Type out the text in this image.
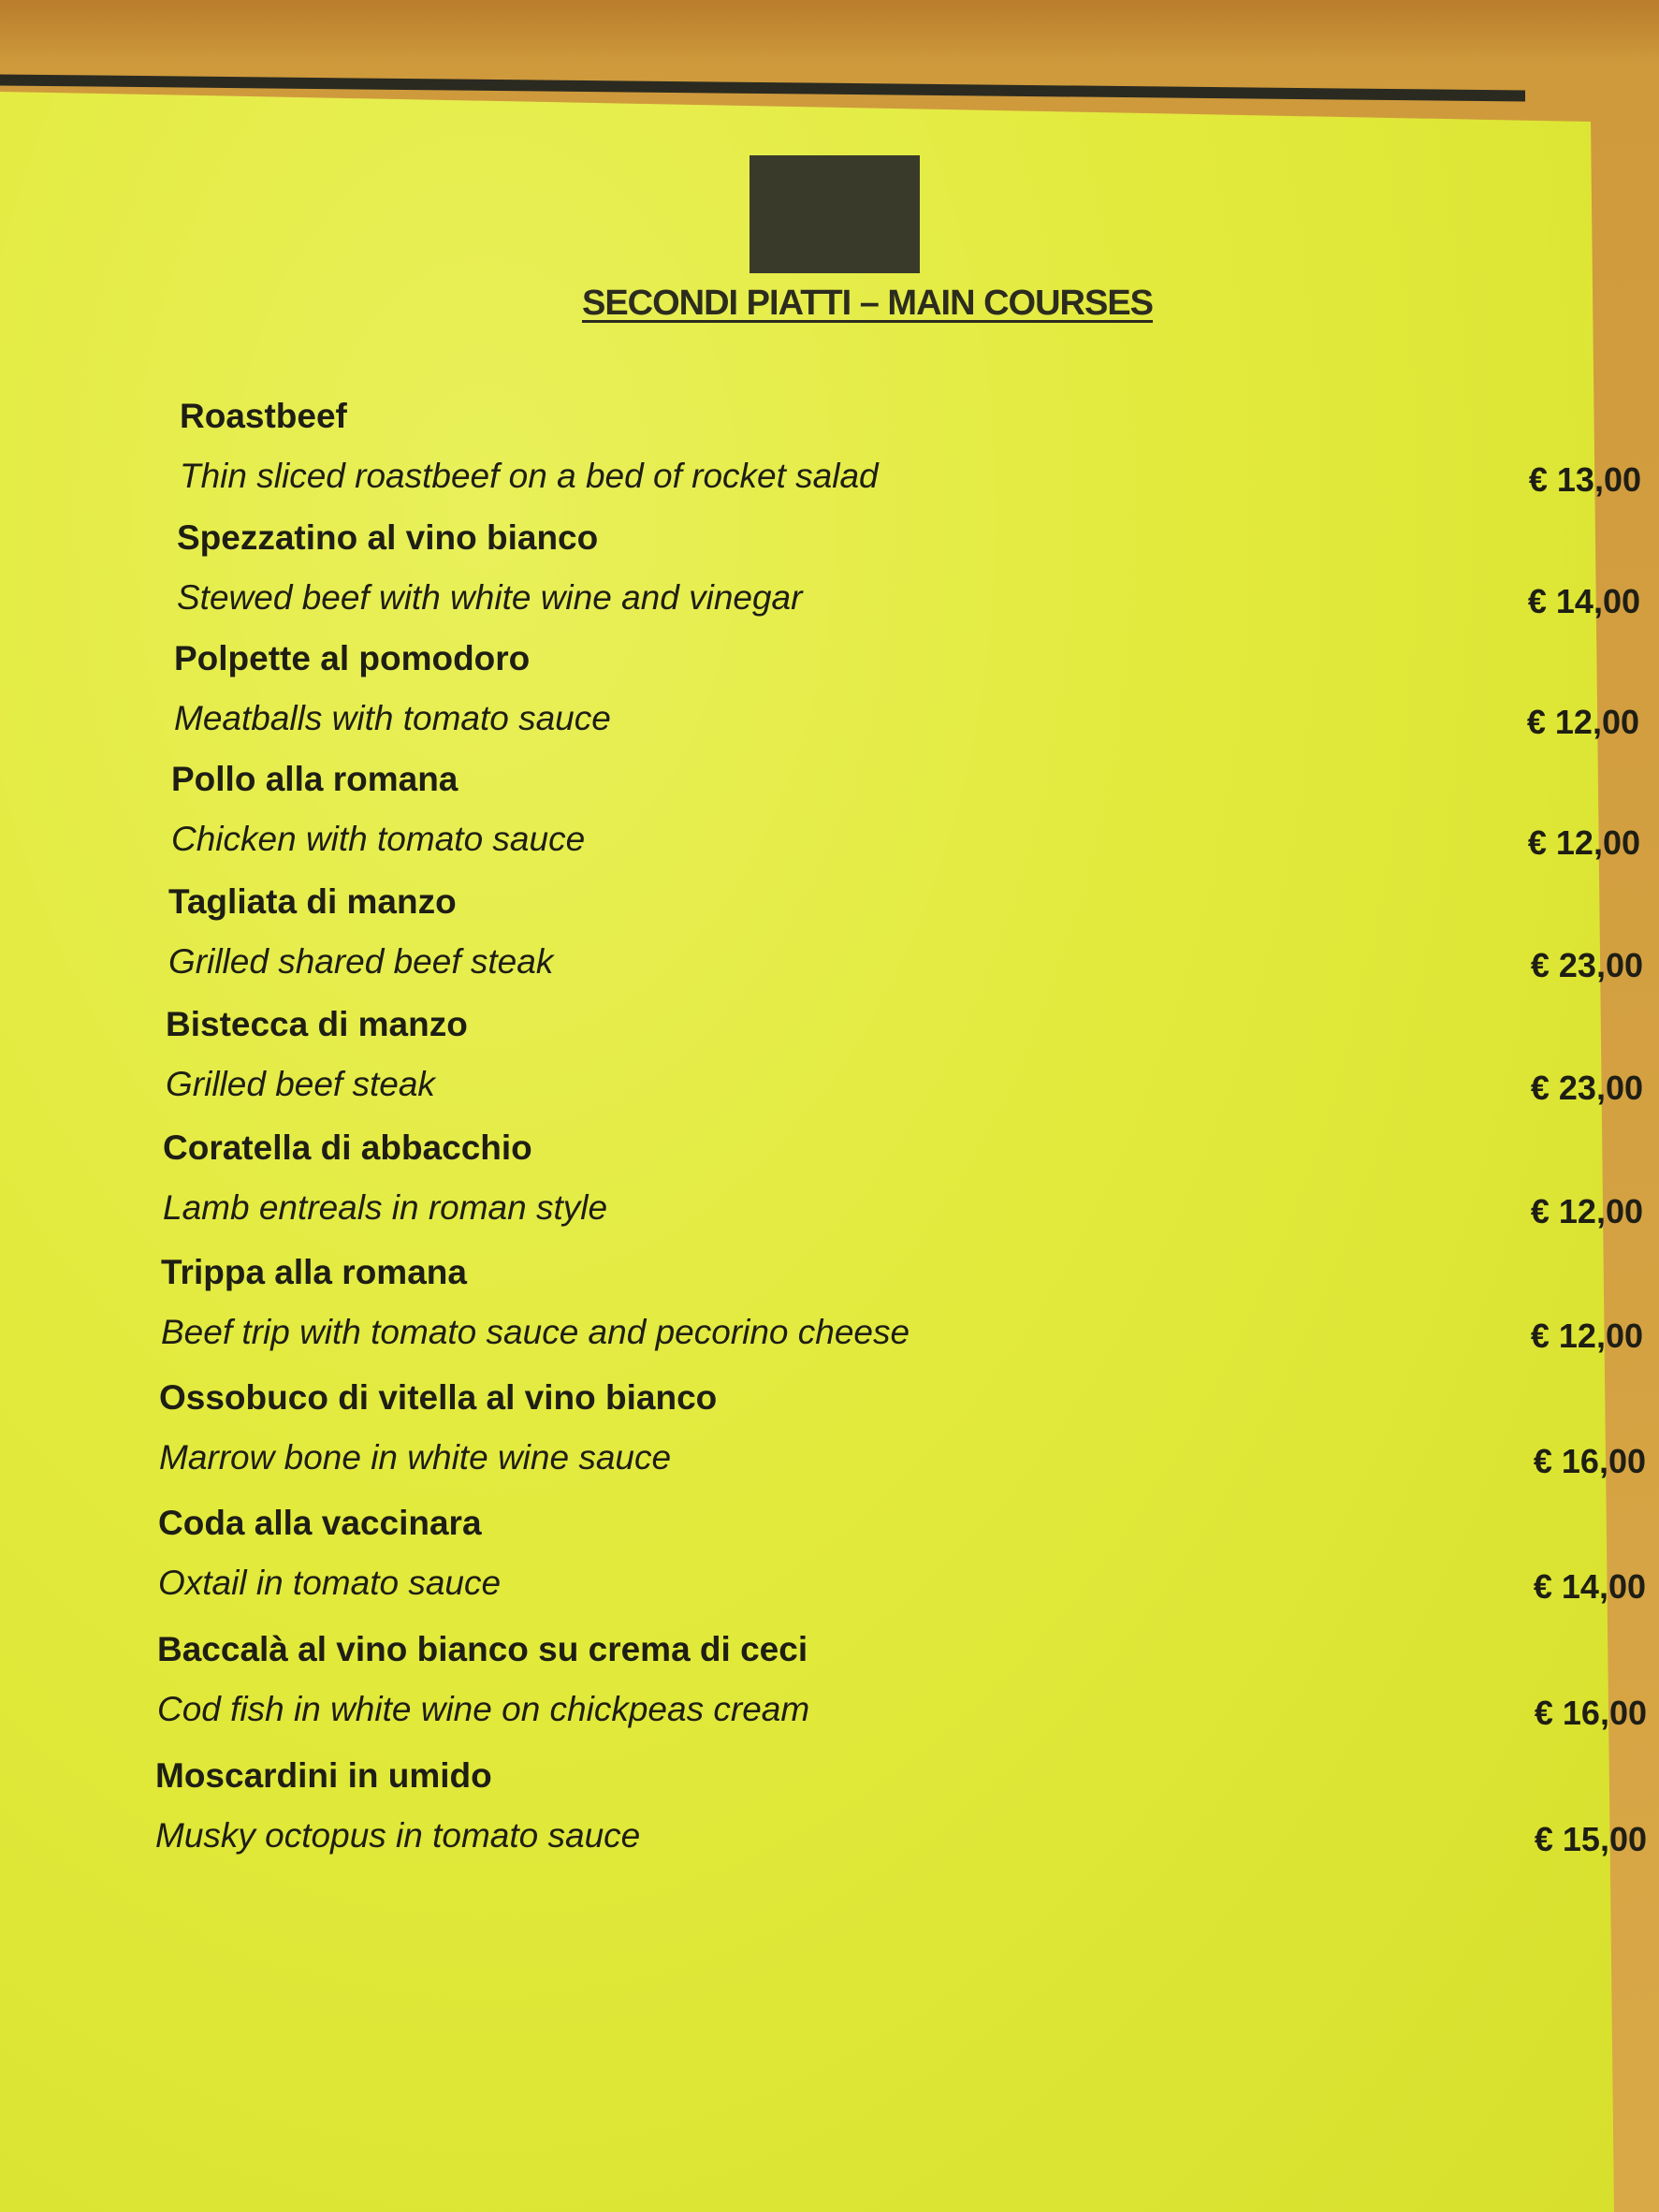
SECONDI PIATTI – MAIN COURSES
Roastbeef
Thin sliced roastbeef on a bed of rocket salad	€ 13,00
Spezzatino al vino bianco
Stewed beef with white wine and vinegar	€ 14,00
Polpette al pomodoro
Meatballs with tomato sauce	€ 12,00
Pollo alla romana
Chicken with tomato sauce	€ 12,00
Tagliata di manzo
Grilled shared beef steak	€ 23,00
Bistecca di manzo
Grilled beef steak	€ 23,00
Coratella di abbacchio
Lamb entreals in roman style	€ 12,00
Trippa alla romana
Beef trip with tomato sauce and pecorino cheese	€ 12,00
Ossobuco di vitella al vino bianco
Marrow bone in white wine sauce	€ 16,00
Coda alla vaccinara
Oxtail in tomato sauce	€ 14,00
Baccalà al vino bianco su crema di ceci
Cod fish in white wine on chickpeas cream	€ 16,00
Moscardini in umido
Musky octopus in tomato sauce	€ 15,00
